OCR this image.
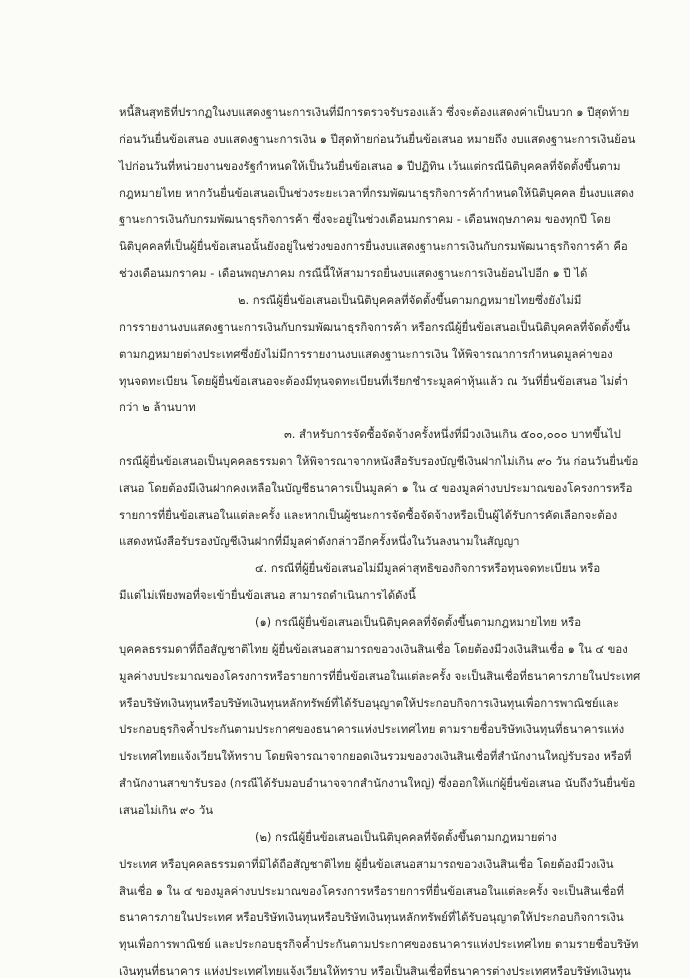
หนี้สินสุทธิที่ปรากฏในงบแสดงฐานะการเงินที่มีการตรวจรับรองแล้ว ซึ่งจะต้องแสดงค่าเป็นบวก ๑ ปีสุดท้าย
ก่อนวันยื่นข้อเสนอ งบแสดงฐานะการเงิน ๑ ปีสุดท้ายก่อนวันยื่นข้อเสนอ หมายถึง งบแสดงฐานะการเงินย้อน
ไปก่อนวันที่หน่วยงานของรัฐกำหนดให้เป็นวันยื่นข้อเสนอ ๑ ปีปฏิทิน เว้นแต่กรณีนิติบุคคลที่จัดตั้งขึ้นตาม
กฎหมายไทย หากวันยื่นข้อเสนอเป็นช่วงระยะเวลาที่กรมพัฒนาธุรกิจการค้ากำหนดให้นิติบุคคล ยื่นงบแสดง
ฐานะการเงินกับกรมพัฒนาธุรกิจการค้า ซึ่งจะอยู่ในช่วงเดือนมกราคม - เดือนพฤษภาคม ของทุกปี โดย
นิติบุคคลที่เป็นผู้ยื่นข้อเสนอนั้นยังอยู่ในช่วงของการยื่นงบแสดงฐานะการเงินกับกรมพัฒนาธุรกิจการค้า คือ
ช่วงเดือนมกราคม - เดือนพฤษภาคม กรณีนี้ให้สามารถยื่นงบแสดงฐานะการเงินย้อนไปอีก ๑ ปี ได้
๒. กรณีผู้ยื่นข้อเสนอเป็นนิติบุคคลที่จัดตั้งขึ้นตามกฎหมายไทยซึ่งยังไม่มี
การรายงานงบแสดงฐานะการเงินกับกรมพัฒนาธุรกิจการค้า หรือกรณีผู้ยื่นข้อเสนอเป็นนิติบุคคลที่จัดตั้งขึ้น
ตามกฎหมายต่างประเทศซึ่งยังไม่มีการรายงานงบแสดงฐานะการเงิน ให้พิจารณาการกำหนดมูลค่าของ
ทุนจดทะเบียน โดยผู้ยื่นข้อเสนอจะต้องมีทุนจดทะเบียนที่เรียกชำระมูลค่าหุ้นแล้ว ณ วันที่ยื่นข้อเสนอ ไม่ต่ำ
กว่า ๒ ล้านบาท
๓. สำหรับการจัดซื้อจัดจ้างครั้งหนึ่งที่มีวงเงินเกิน ๕๐๐,๐๐๐ บาทขึ้นไป
กรณีผู้ยื่นข้อเสนอเป็นบุคคลธรรมดา ให้พิจารณาจากหนังสือรับรองบัญชีเงินฝากไม่เกิน ๙๐ วัน ก่อนวันยื่นข้อ
เสนอ โดยต้องมีเงินฝากคงเหลือในบัญชีธนาคารเป็นมูลค่า ๑ ใน ๔ ของมูลค่างบประมาณของโครงการหรือ
รายการที่ยื่นข้อเสนอในแต่ละครั้ง และหากเป็นผู้ชนะการจัดซื้อจัดจ้างหรือเป็นผู้ได้รับการคัดเลือกจะต้อง
แสดงหนังสือรับรองบัญชีเงินฝากที่มีมูลค่าดังกล่าวอีกครั้งหนึ่งในวันลงนามในสัญญา
๔. กรณีที่ผู้ยื่นข้อเสนอไม่มีมูลค่าสุทธิของกิจการหรือทุนจดทะเบียน หรือ
มีแต่ไม่เพียงพอที่จะเข้ายื่นข้อเสนอ สามารถดำเนินการได้ดังนี้
(๑) กรณีผู้ยื่นข้อเสนอเป็นนิติบุคคลที่จัดตั้งขึ้นตามกฎหมายไทย หรือ
บุคคลธรรมดาที่ถือสัญชาติไทย ผู้ยื่นข้อเสนอสามารถขอวงเงินสินเชื่อ โดยต้องมีวงเงินสินเชื่อ ๑ ใน ๔ ของ
มูลค่างบประมาณของโครงการหรือรายการที่ยื่นข้อเสนอในแต่ละครั้ง จะเป็นสินเชื่อที่ธนาคารภายในประเทศ
หรือบริษัทเงินทุนหรือบริษัทเงินทุนหลักทรัพย์ที่ได้รับอนุญาตให้ประกอบกิจการเงินทุนเพื่อการพาณิชย์และ
ประกอบธุรกิจค้ำประกันตามประกาศของธนาคารแห่งประเทศไทย ตามรายชื่อบริษัทเงินทุนที่ธนาคารแห่ง
ประเทศไทยแจ้งเวียนให้ทราบ โดยพิจารณาจากยอดเงินรวมของวงเงินสินเชื่อที่สำนักงานใหญ่รับรอง หรือที่
สำนักงานสาขารับรอง (กรณีได้รับมอบอำนาจจากสำนักงานใหญ่) ซึ่งออกให้แก่ผู้ยื่นข้อเสนอ นับถึงวันยื่นข้อ
เสนอไม่เกิน ๙๐ วัน
(๒) กรณีผู้ยื่นข้อเสนอเป็นนิติบุคคลที่จัดตั้งขึ้นตามกฎหมายต่าง
ประเทศ หรือบุคคลธรรมดาที่มิได้ถือสัญชาติไทย ผู้ยื่นข้อเสนอสามารถขอวงเงินสินเชื่อ โดยต้องมีวงเงิน
สินเชื่อ ๑ ใน ๔ ของมูลค่างบประมาณของโครงการหรือรายการที่ยื่นข้อเสนอในแต่ละครั้ง จะเป็นสินเชื่อที่
ธนาคารภายในประเทศ หรือบริษัทเงินทุนหรือบริษัทเงินทุนหลักทรัพย์ที่ได้รับอนุญาตให้ประกอบกิจการเงิน
ทุนเพื่อการพาณิชย์ และประกอบธุรกิจค้ำประกันตามประกาศของธนาคารแห่งประเทศไทย ตามรายชื่อบริษัท
เงินทุนที่ธนาคาร แห่งประเทศไทยแจ้งเวียนให้ทราบ หรือเป็นสินเชื่อที่ธนาคารต่างประเทศหรือบริษัทเงินทุน
